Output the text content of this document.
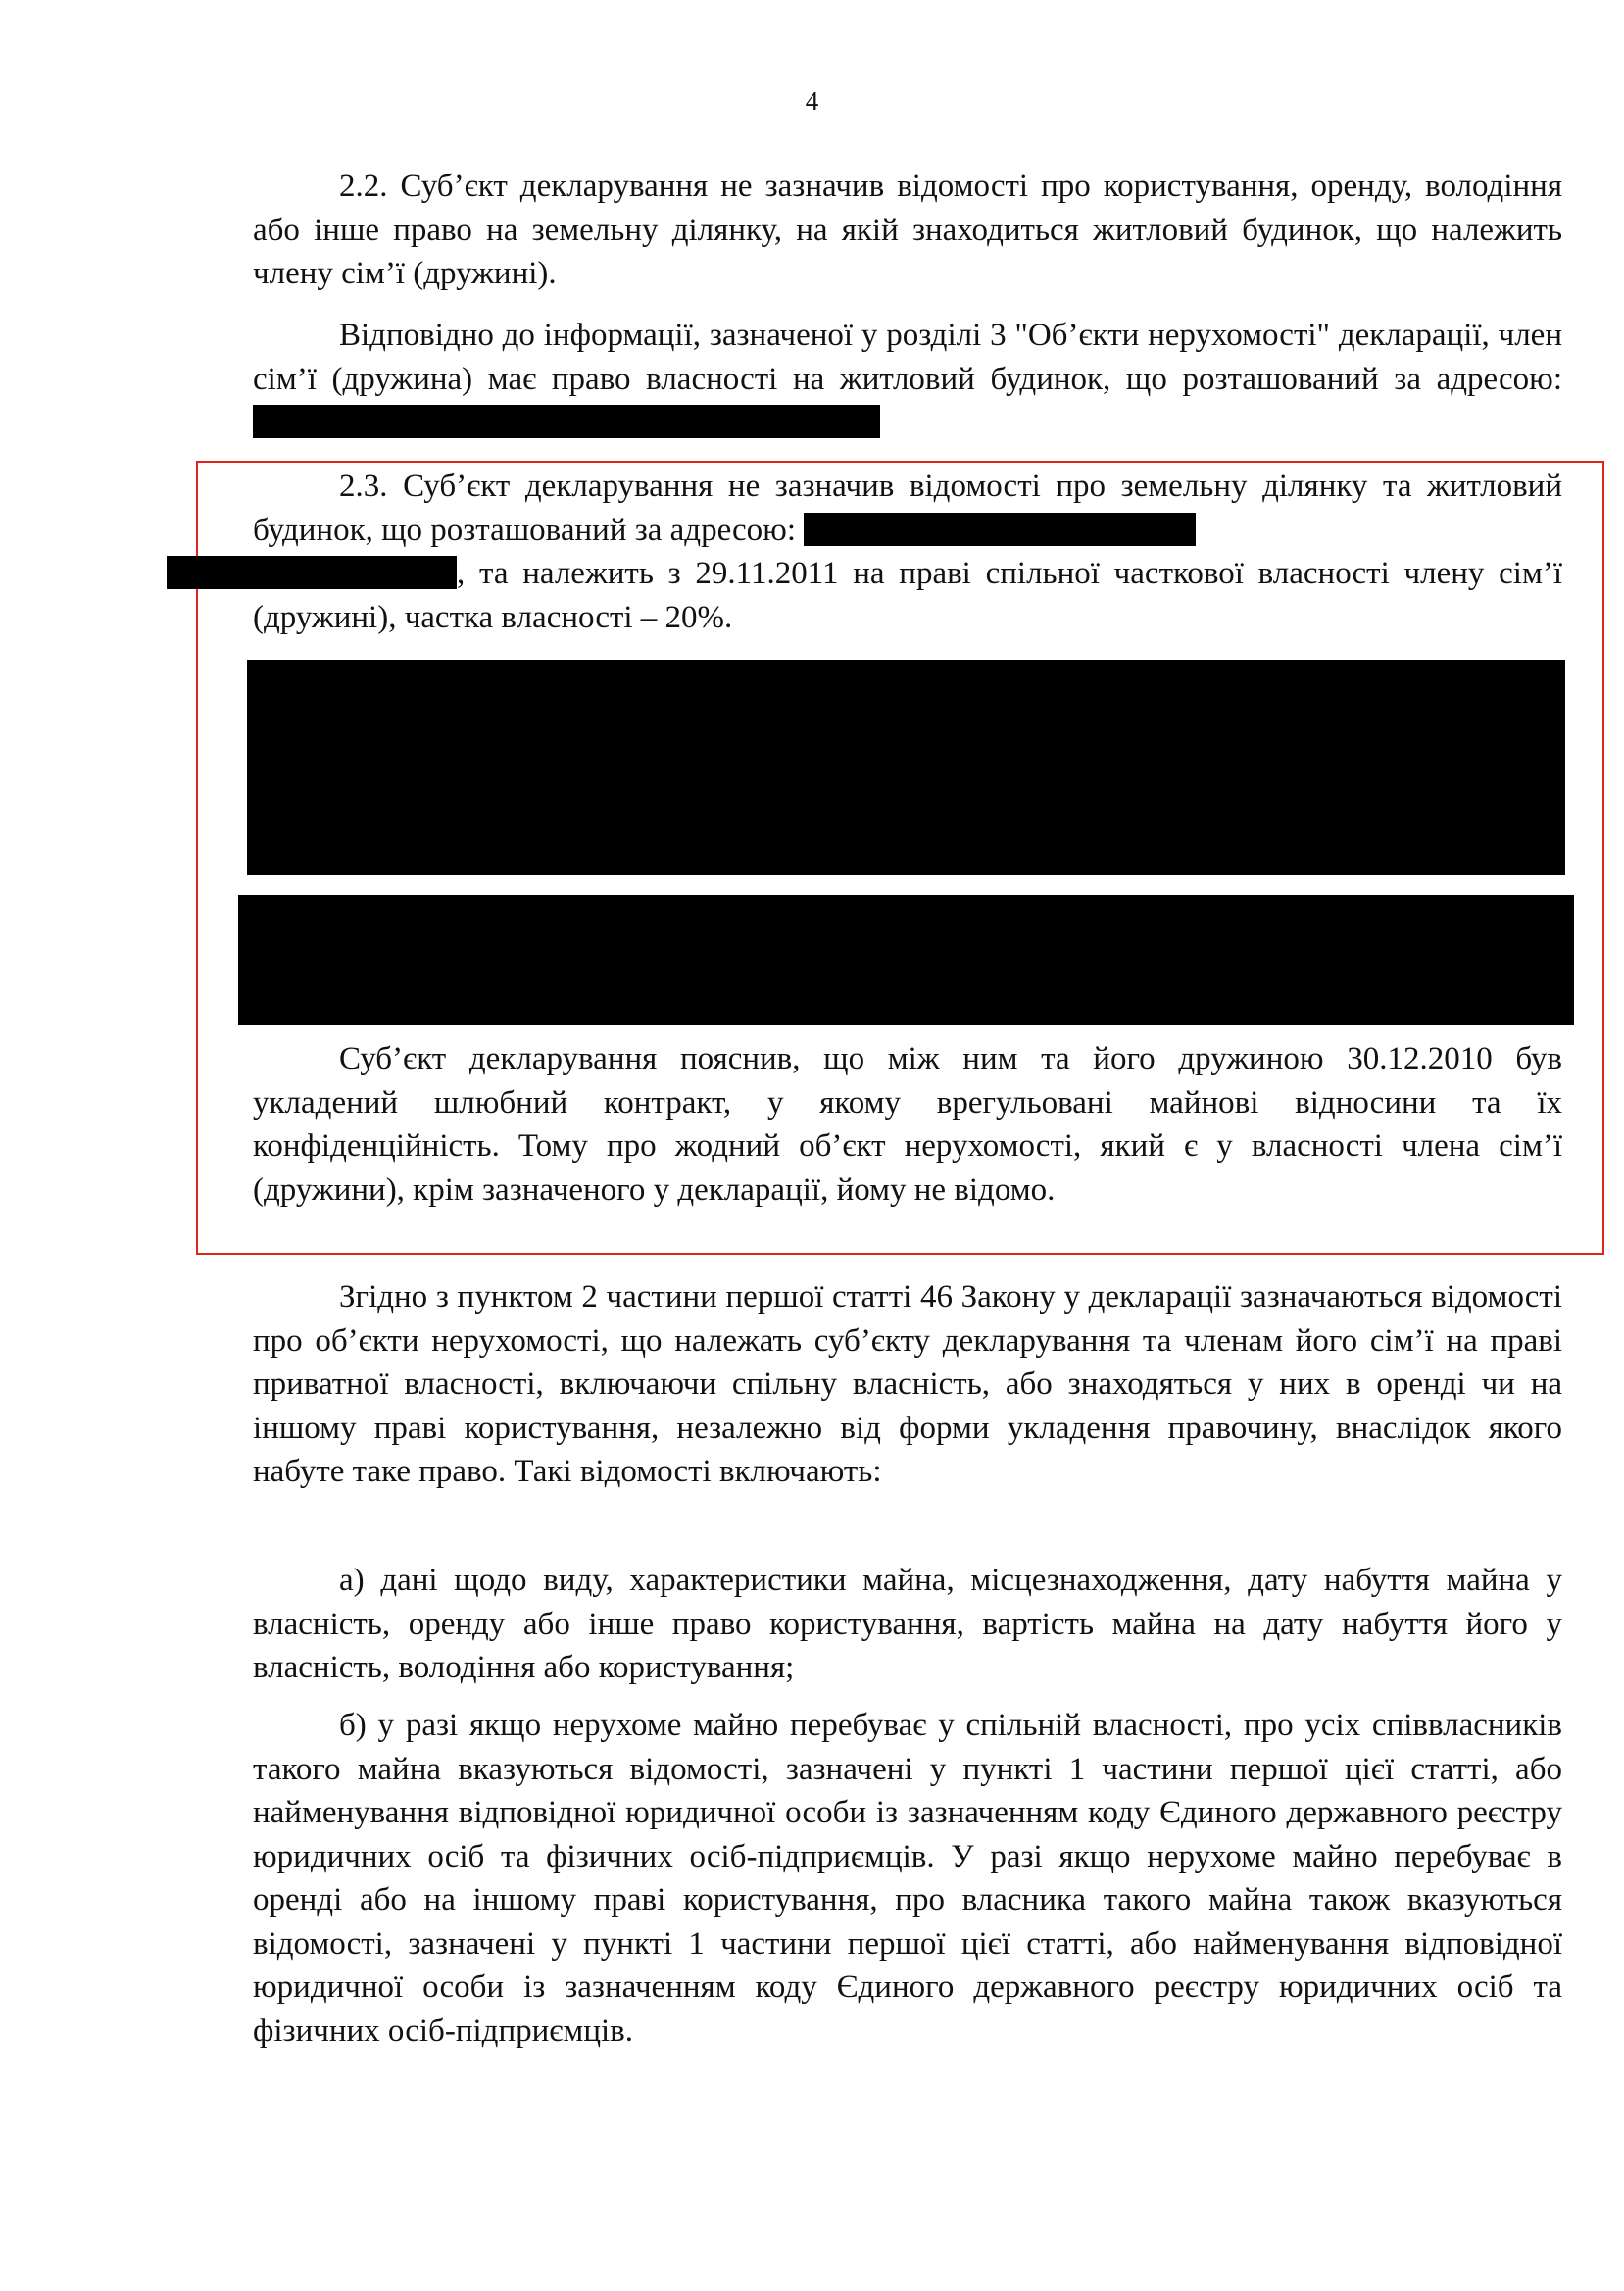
4

2.2. Суб’єкт декларування не зазначив відомості про користування, оренду, володіння або інше право на земельну ділянку, на якій знаходиться житловий будинок, що належить члену сім’ї (дружині).

Відповідно до інформації, зазначеної у розділі 3 "Об’єкти нерухомості" декларації, член сім’ї (дружина) має право власності на житловий будинок, що розташований за адресою:

2.3. Суб’єкт декларування не зазначив відомості про земельну ділянку та житловий будинок, що розташований за адресою:
, та належить з 29.11.2011 на праві спільної часткової власності члену сім’ї (дружині), частка власності – 20%.

Суб’єкт декларування пояснив, що між ним та його дружиною 30.12.2010 був укладений шлюбний контракт, у якому врегульовані майнові відносини та їх конфіденційність. Тому про жодний об’єкт нерухомості, який є у власності члена сім’ї (дружини), крім зазначеного у декларації, йому не відомо.

Згідно з пунктом 2 частини першої статті 46 Закону у декларації зазначаються відомості про об’єкти нерухомості, що належать суб’єкту декларування та членам його сім’ї на праві приватної власності, включаючи спільну власність, або знаходяться у них в оренді чи на іншому праві користування, незалежно від форми укладення правочину, внаслідок якого набуте таке право. Такі відомості включають:

а) дані щодо виду, характеристики майна, місцезнаходження, дату набуття майна у власність, оренду або інше право користування, вартість майна на дату набуття його у власність, володіння або користування;

б) у разі якщо нерухоме майно перебуває у спільній власності, про усіх співвласників такого майна вказуються відомості, зазначені у пункті 1 частини першої цієї статті, або найменування відповідної юридичної особи із зазначенням коду Єдиного державного реєстру юридичних осіб та фізичних осіб-підприємців. У разі якщо нерухоме майно перебуває в оренді або на іншому праві користування, про власника такого майна також вказуються відомості, зазначені у пункті 1 частини першої цієї статті, або найменування відповідної юридичної особи із зазначенням коду Єдиного державного реєстру юридичних осіб та фізичних осіб-підприємців.
